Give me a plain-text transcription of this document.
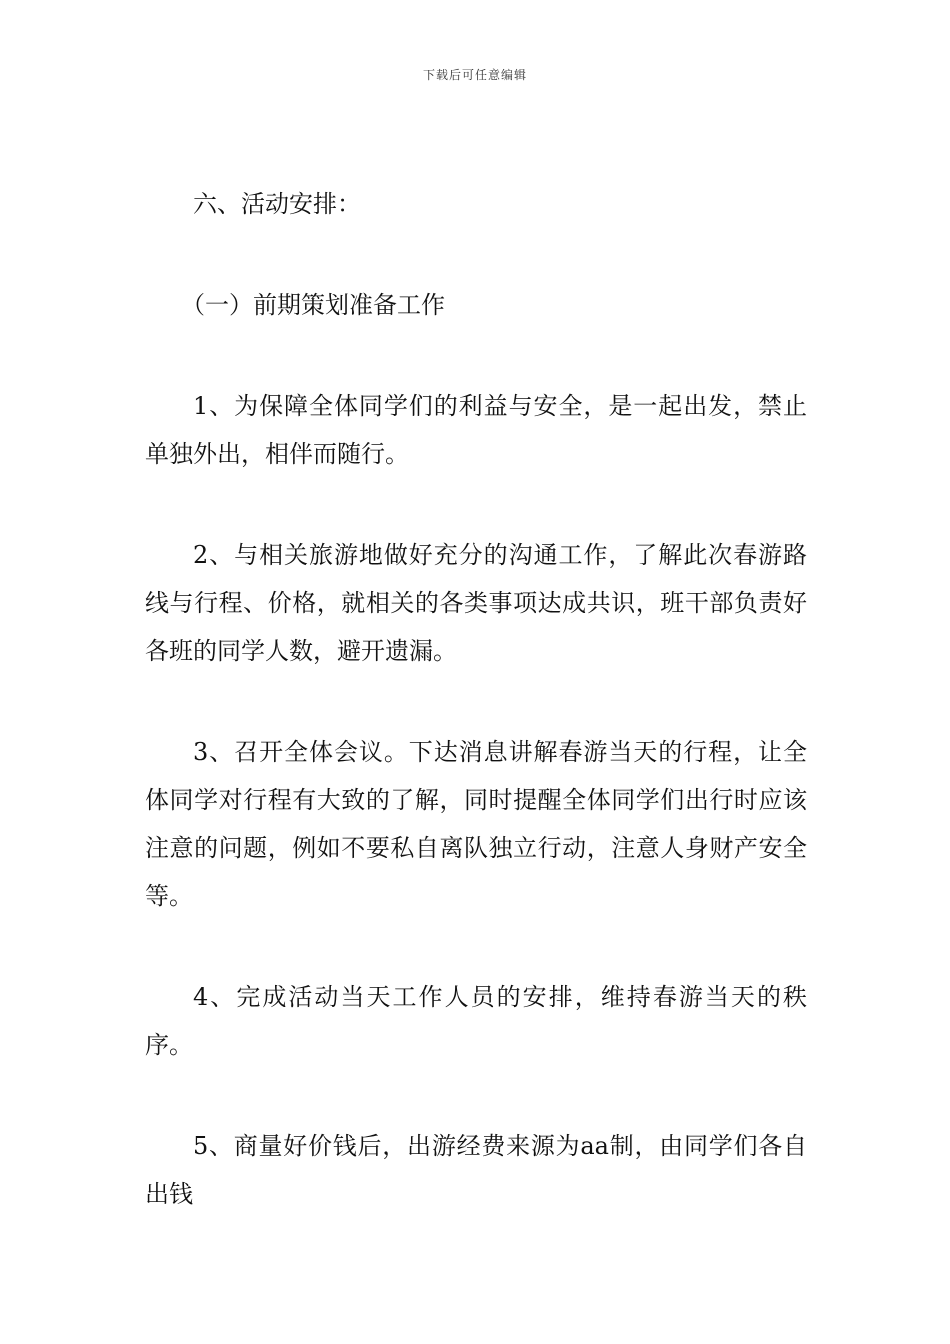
下载后可任意编辑

六、活动安排：

（一）前期策划准备工作

1、为保障全体同学们的利益与安全，是一起出发，禁止单独外出，相伴而随行。

2、与相关旅游地做好充分的沟通工作，了解此次春游路线与行程、价格，就相关的各类事项达成共识，班干部负责好各班的同学人数，避开遗漏。

3、召开全体会议。下达消息讲解春游当天的行程，让全体同学对行程有大致的了解，同时提醒全体同学们出行时应该注意的问题，例如不要私自离队独立行动，注意人身财产安全等。

4、完成活动当天工作人员的安排，维持春游当天的秩序。

5、商量好价钱后，出游经费来源为aa制，由同学们各自出钱
